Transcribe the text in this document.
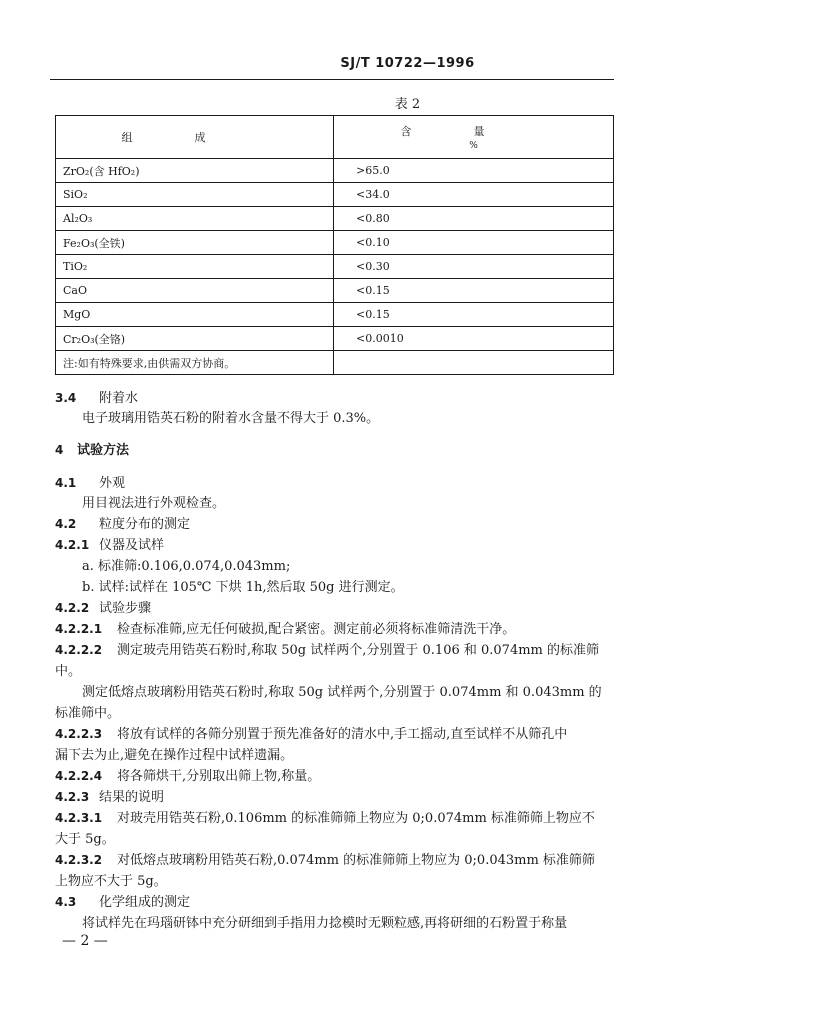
SJ/T 10722—1996
表 2
组成	含量
%

ZrO₂(含 HfO₂)	>65.0
SiO₂	<34.0
Al₂O₃	<0.80
Fe₂O₃(全铁)	<0.10
TiO₂	<0.30
CaO	<0.15
MgO	<0.15
Cr₂O₃(全铬)	<0.0010
注:如有特殊要求,由供需双方协商。	
3.4 附着水
电子玻璃用锆英石粉的附着水含量不得大于 0.3%。
4 试验方法
4.1 外观
用目视法进行外观检查。
4.2 粒度分布的测定
4.2.1 仪器及试样
a. 标准筛:0.106,0.074,0.043mm;
b. 试样:试样在 105℃ 下烘 1h,然后取 50g 进行测定。
4.2.2 试验步骤
4.2.2.1 检查标准筛,应无任何破损,配合紧密。测定前必须将标准筛清洗干净。
4.2.2.2 测定玻壳用锆英石粉时,称取 50g 试样两个,分别置于 0.106 和 0.074mm 的标准筛
中。
测定低熔点玻璃粉用锆英石粉时,称取 50g 试样两个,分别置于 0.074mm 和 0.043mm 的
标准筛中。
4.2.2.3 将放有试样的各筛分别置于预先准备好的清水中,手工摇动,直至试样不从筛孔中
漏下去为止,避免在操作过程中试样遗漏。
4.2.2.4 将各筛烘干,分别取出筛上物,称量。
4.2.3 结果的说明
4.2.3.1 对玻壳用锆英石粉,0.106mm 的标准筛筛上物应为 0;0.074mm 标准筛筛上物应不
大于 5g。
4.2.3.2 对低熔点玻璃粉用锆英石粉,0.074mm 的标准筛筛上物应为 0;0.043mm 标准筛筛
上物应不大于 5g。
4.3 化学组成的测定
将试样先在玛瑙研钵中充分研细到手指用力捻模时无颗粒感,再将研细的石粉置于称量
— 2 —
